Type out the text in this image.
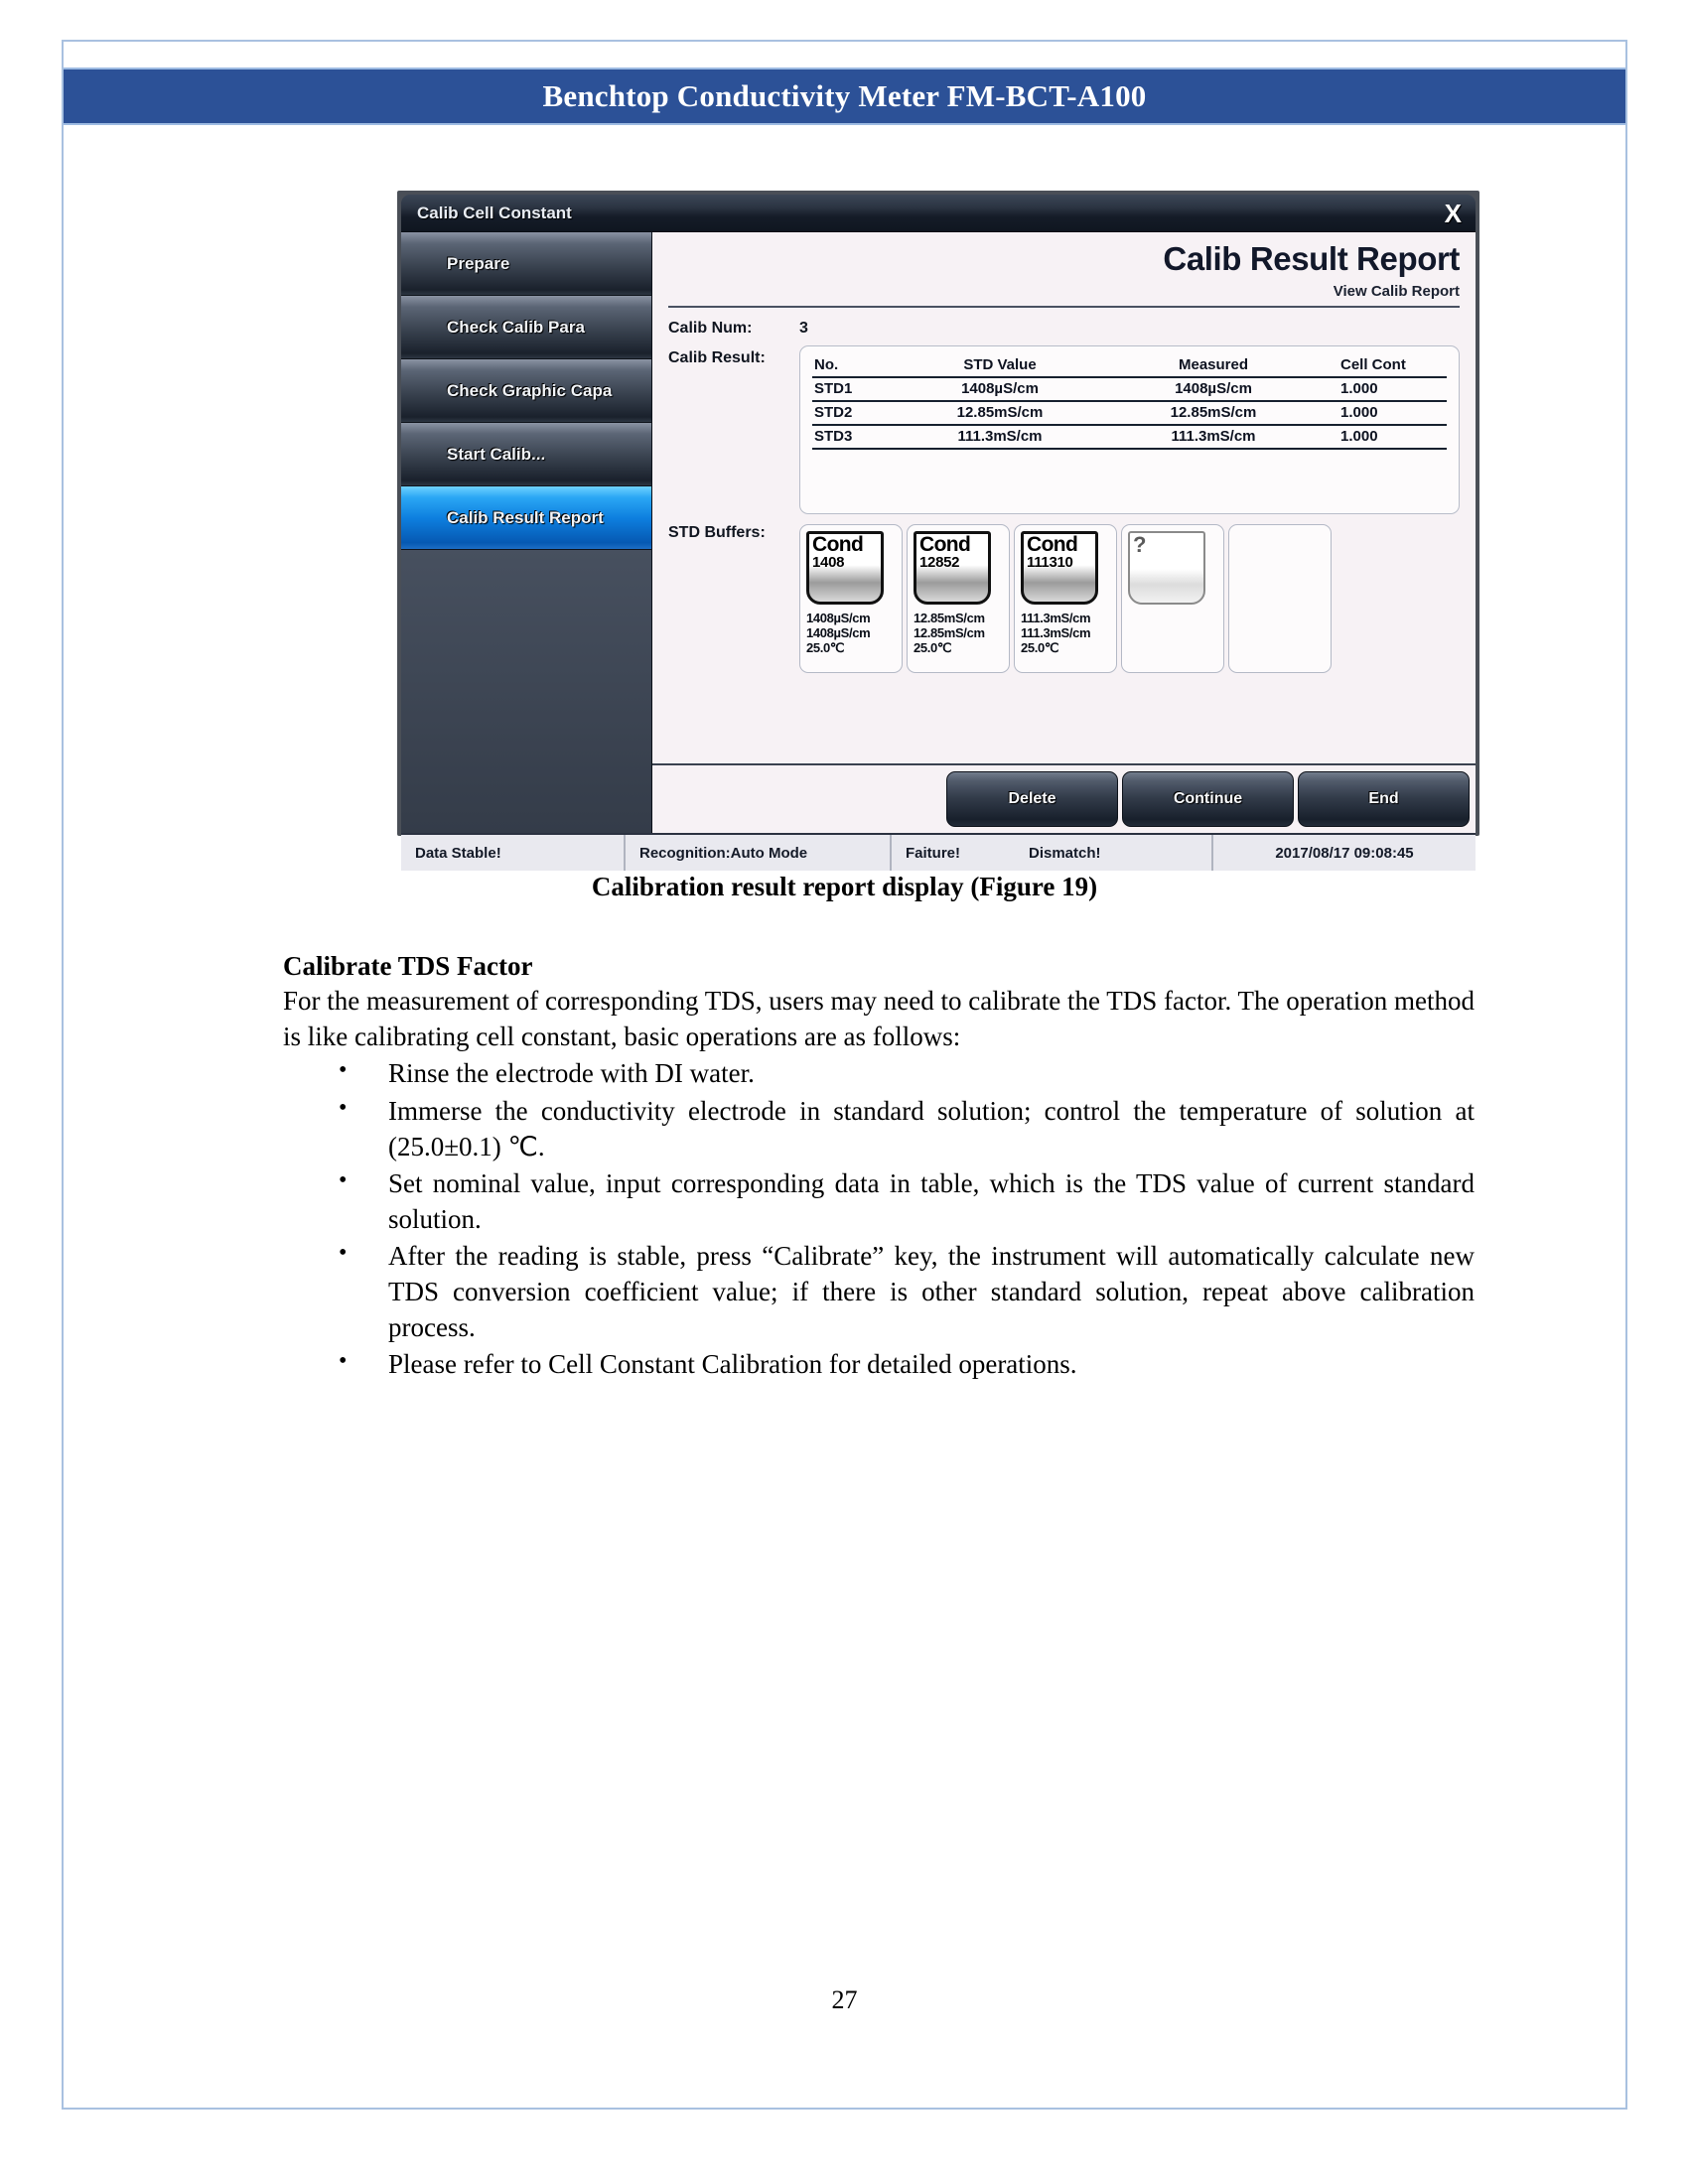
Benchtop Conductivity Meter FM-BCT-A100
Calib Cell Constant	X
Prepare
Check Calib Para
Check Graphic Capa
Start Calib...
Calib Result Report
Calib Result Report
View Calib Report
Calib Num:	3
Calib Result:	No.	STD Value	Measured	Cell Cont
STD1	1408µS/cm	1408µS/cm	1.000
STD2	12.85mS/cm	12.85mS/cm	1.000
STD3	111.3mS/cm	111.3mS/cm	1.000
STD Buffers:
Cond
1408
1408µS/cm
1408µS/cm
25.0℃
Cond
12852
12.85mS/cm
12.85mS/cm
25.0℃
Cond
111310
111.3mS/cm
111.3mS/cm
25.0℃
?
Delete	Continue	End
Data Stable!	Recognition:Auto Mode	Faiture!	Dismatch!	2017/08/17 09:08:45
Calibration result report display (Figure 19)
Calibrate TDS Factor

For the measurement of corresponding TDS, users may need to calibrate the TDS factor. The operation method is like calibrating cell constant, basic operations are as follows:

• Rinse the electrode with DI water.
• Immerse the conductivity electrode in standard solution; control the temperature of solution at (25.0±0.1) ℃.
• Set nominal value, input corresponding data in table, which is the TDS value of current standard solution.
• After the reading is stable, press “Calibrate” key, the instrument will automatically calculate new TDS conversion coefficient value; if there is other standard solution, repeat above calibration process.
• Please refer to Cell Constant Calibration for detailed operations.
27
